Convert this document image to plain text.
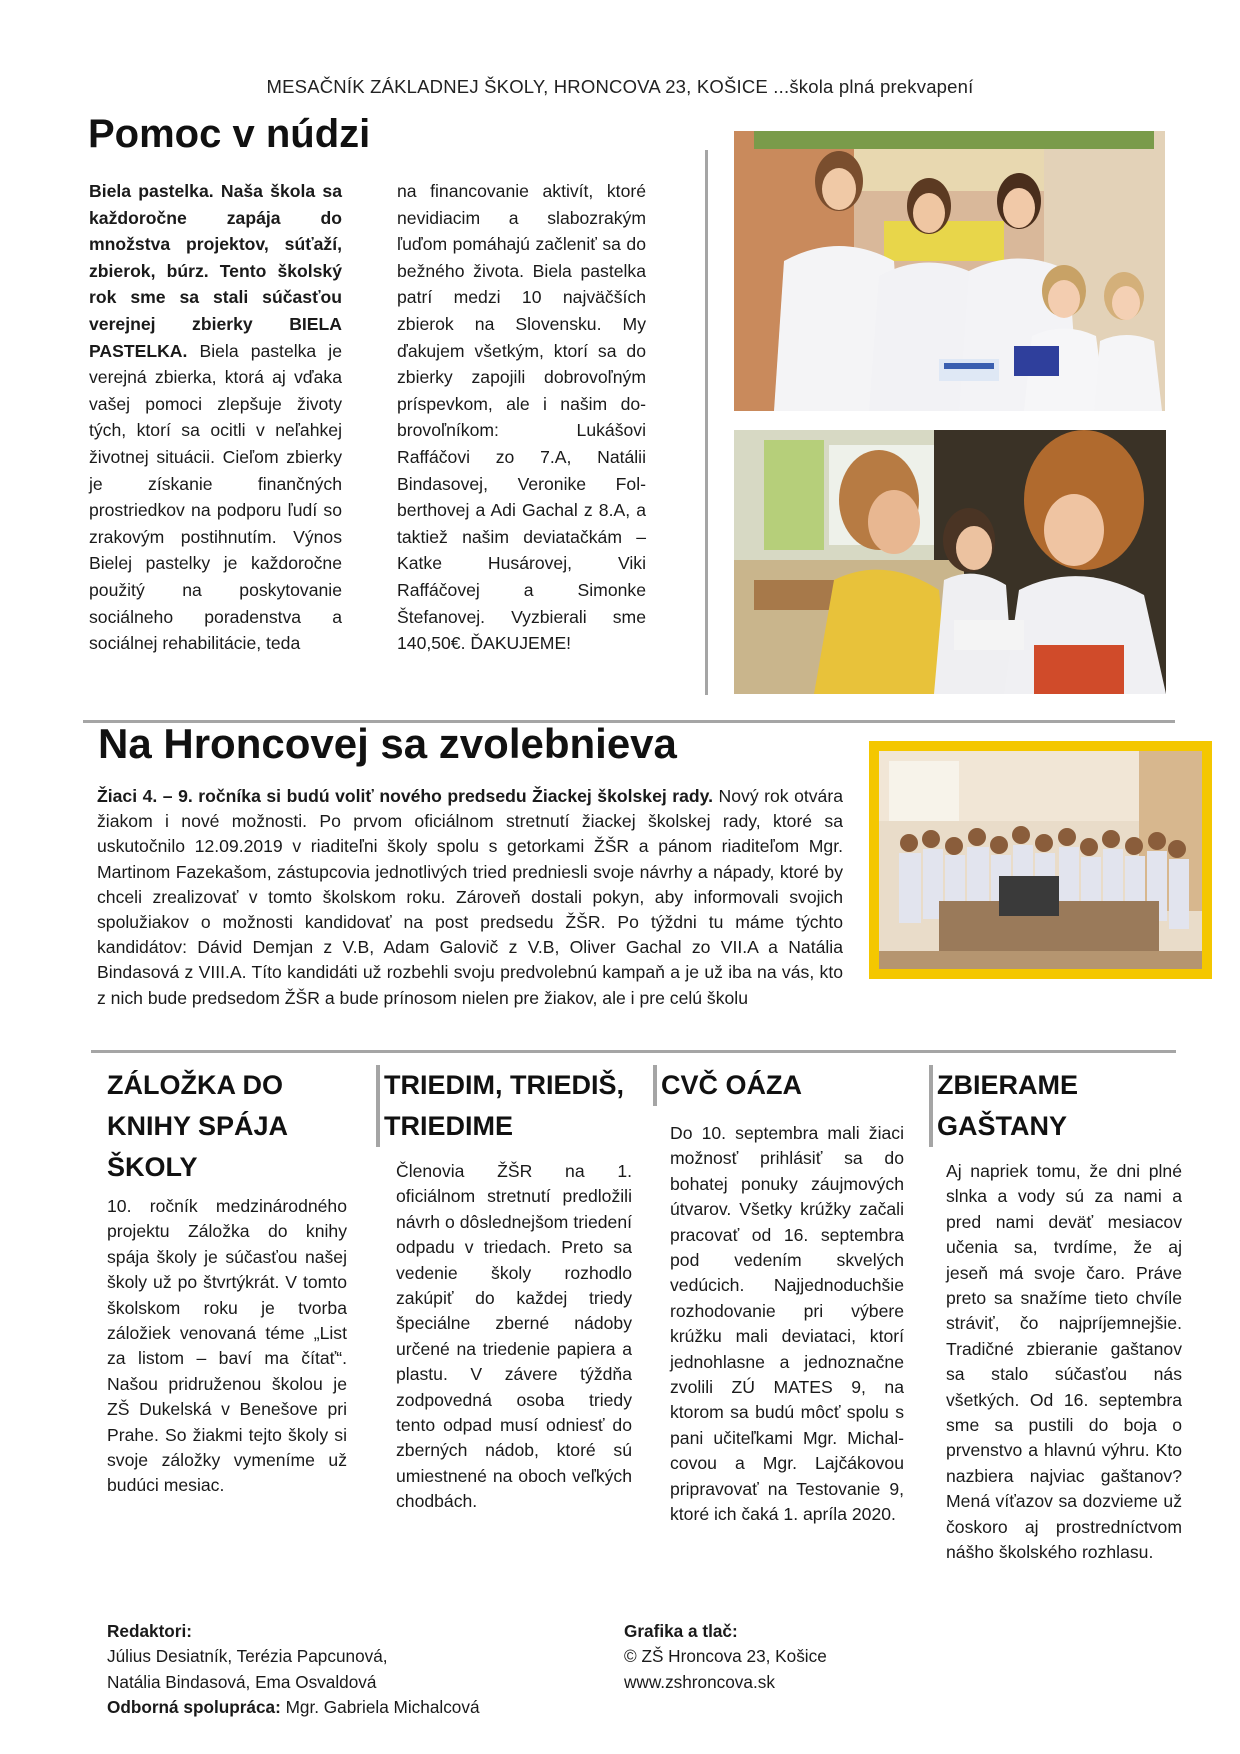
MESAČNÍK ZÁKLADNEJ ŠKOLY, HRONCOVA 23, KOŠICE ...škola plná prekvapení
Pomoc v núdzi
Biela pastelka. Naša škola sa každoročne zapája do množstva projektov, súťaží, zbierok, búrz. Tento školský rok sme sa stali súčasťou verejnej zbierky BIELA PASTELKA. Biela pastelka je verejná zbierka, ktorá aj vďaka vašej pomoci zlepšuje životy tých, ktorí sa ocitli v neľahkej životnej situácii. Cieľom zbierky je získanie finančných prostriedkov na podporu ľudí so zrakovým postihnutím. Výnos Bielej pastelky je každoročne použitý na poskytovanie sociálneho poradenstva a sociálnej rehabilitácie, teda
na financovanie aktivít, ktoré nevidiacim a slabozrakým ľuďom pomáhajú začleniť sa do bežného života. Biela pastelka patrí medzi 10 najväčších zbierok na Slovensku. My ďakujem všetkým, ktorí sa do zbierky zapojili dobrovoľným príspevkom, ale i našim dobrovoľníkom: Lukášovi Raffáčovi zo 7.A, Natálii Bindasovej, Veronike Folberthovej a Adi Gachal z 8.A, a taktiež našim deviatačkám – Katke Husárovej, Viki Raffáčovej a Simonke Štefanovej. Vyzbierali sme 140,50€. ĎAKUJEME!
Na Hroncovej sa zvolebnieva
Žiaci 4. – 9. ročníka si budú voliť nového predsedu Žiackej školskej rady. Nový rok otvára žiakom i nové možnosti. Po prvom oficiálnom stretnutí žiackej školskej rady, ktoré sa uskutočnilo 12.09.2019 v riaditeľni školy spolu s getorkami ŽŠR a pánom riaditeľom Mgr. Martinom Fazekašom, zástupcovia jednotlivých tried predniesli svoje návrhy a nápady, ktoré by chceli zrealizovať v tomto školskom roku. Zároveň dostali pokyn, aby informovali svojich spolužiakov o možnosti kandidovať na post predsedu ŽŠR. Po týždni tu máme týchto kandidátov: Dávid Demjan z V.B, Adam Galovič z V.B, Oliver Gachal zo VII.A a Natália Bindasová z VIII.A. Títo kandidáti už rozbehli svoju predvolebnú kampaň a je už iba na vás, kto z nich bude predsedom ŽŠR a bude prínosom nielen pre žiakov, ale i pre celú školu
ZÁLOŽKA DO KNIHY SPÁJA ŠKOLY
10. ročník medzinárodného projektu Záložka do knihy spája školy je súčasťou našej školy už po štvrtýkrát. V tomto školskom roku je tvorba záložiek venovaná téme „List za listom – baví ma čítať“. Našou pridruženou školou je ZŠ Dukelská v Benešove pri Prahe. So žiakmi tejto školy si svoje záložky vymeníme už budúci mesiac.
TRIEDIM, TRIEDIŠ, TRIEDIME
Členovia ŽŠR na 1. oficiálnom stretnutí predložili návrh o dôslednejšom triedení odpadu v triedach. Preto sa vedenie školy rozhodlo zakúpiť do každej triedy špeciálne zberné nádoby určené na triedenie papiera a plastu. V závere týždňa zodpovedná osoba triedy tento odpad musí odniesť do zberných nádob, ktoré sú umiestnené na oboch veľkých chodbách.
CVČ OÁZA
Do 10. septembra mali žiaci možnosť prihlásiť sa do bohatej ponuky záujmových útvarov. Všetky krúžky začali pracovať od 16. septembra pod vedením skvelých vedúcich. Najjednoduchšie rozhodovanie pri výbere krúžku mali deviataci, ktorí jednohlasne a jednoznačne zvolili ZÚ MATES 9, na ktorom sa budú môcť spolu s pani učiteľkami Mgr. Michalcovou a Mgr. Lajčákovou pripravovať na Testovanie 9, ktoré ich čaká 1. apríla 2020.
ZBIERAME GAŠTANY
Aj napriek tomu, že dni plné slnka a vody sú za nami a pred nami deväť mesiacov učenia sa, tvrdíme, že aj jeseň má svoje čaro. Práve preto sa snažíme tieto chvíle stráviť, čo najpríjemnejšie. Tradičné zbieranie gaštanov sa stalo súčasťou nás všetkých. Od 16. septembra sme sa pustili do boja o prvenstvo a hlavnú výhru. Kto nazbiera najviac gaštanov? Mená víťazov sa dozvieme už čoskoro aj prostredníctvom nášho školského rozhlasu.
Redaktori:
Július Desiatník, Terézia Papcunová,
Natália Bindasová, Ema Osvaldová
Odborná spolupráca: Mgr. Gabriela Michalcová
Grafika a tlač:
© ZŠ Hroncova 23, Košice
www.zshroncova.sk
